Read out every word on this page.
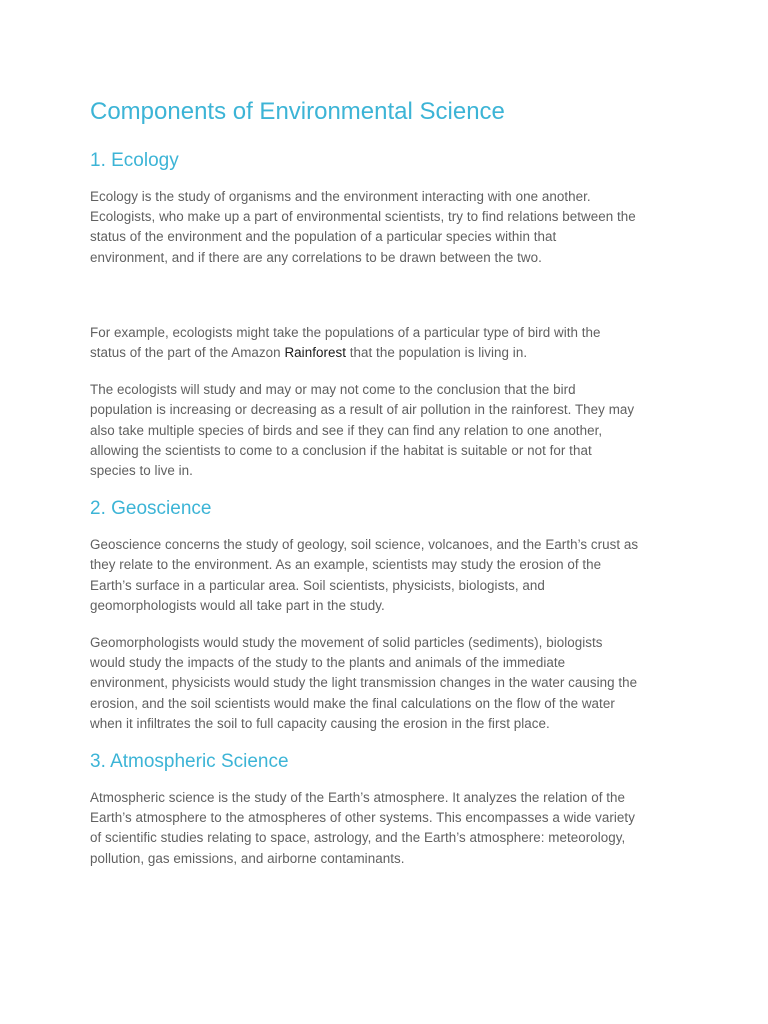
Components of Environmental Science
1. Ecology

Ecology is the study of organisms and the environment interacting with one another.
Ecologists, who make up a part of environmental scientists, try to find relations between the
status of the environment and the population of a particular species within that
environment, and if there are any correlations to be drawn between the two.

For example, ecologists might take the populations of a particular type of bird with the
status of the part of the Amazon Rainforest that the population is living in.

The ecologists will study and may or may not come to the conclusion that the bird
population is increasing or decreasing as a result of air pollution in the rainforest. They may
also take multiple species of birds and see if they can find any relation to one another,
allowing the scientists to come to a conclusion if the habitat is suitable or not for that
species to live in.

2. Geoscience

Geoscience concerns the study of geology, soil science, volcanoes, and the Earth’s crust as
they relate to the environment. As an example, scientists may study the erosion of the
Earth’s surface in a particular area. Soil scientists, physicists, biologists, and
geomorphologists would all take part in the study.

Geomorphologists would study the movement of solid particles (sediments), biologists
would study the impacts of the study to the plants and animals of the immediate
environment, physicists would study the light transmission changes in the water causing the
erosion, and the soil scientists would make the final calculations on the flow of the water
when it infiltrates the soil to full capacity causing the erosion in the first place.

3. Atmospheric Science

Atmospheric science is the study of the Earth’s atmosphere. It analyzes the relation of the
Earth’s atmosphere to the atmospheres of other systems. This encompasses a wide variety
of scientific studies relating to space, astrology, and the Earth’s atmosphere: meteorology,
pollution, gas emissions, and airborne contaminants.
